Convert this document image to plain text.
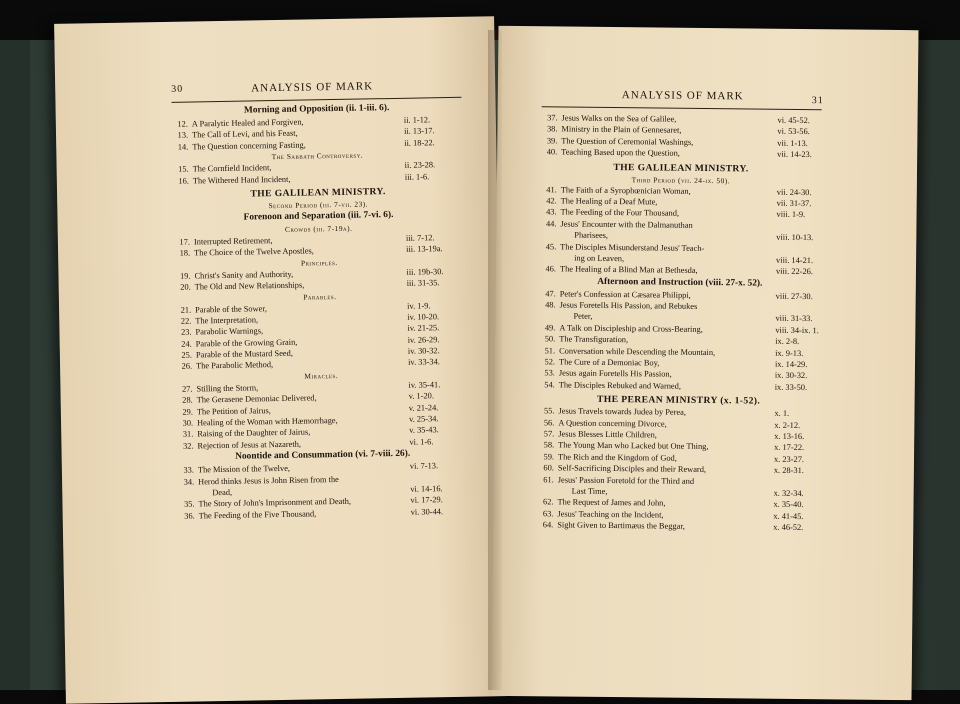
30	ANALYSIS OF MARK
Morning and Opposition (ii. 1-iii. 6).
12. A Paralytic Healed and Forgiven,	ii. 1-12.
13. The Call of Levi, and his Feast,	ii. 13-17.
14. The Question concerning Fasting,	ii. 18-22.
The Sabbath Controversy.
15. The Cornfield Incident,	ii. 23-28.
16. The Withered Hand Incident,	iii. 1-6.
THE GALILEAN MINISTRY.
Second Period (iii. 7-vii. 23).
Forenoon and Separation (iii. 7-vi. 6).
Crowds (iii. 7-19a).
17. Interrupted Retirement,	iii. 7-12.
18. The Choice of the Twelve Apostles,	iii. 13-19a.
Principles.
19. Christ's Sanity and Authority,	iii. 19b-30.
20. The Old and New Relationships,	iii. 31-35.
Parables.
21. Parable of the Sower,	iv. 1-9.
22. The Interpretation,	iv. 10-20.
23. Parabolic Warnings,	iv. 21-25.
24. Parable of the Growing Grain,	iv. 26-29.
25. Parable of the Mustard Seed,	iv. 30-32.
26. The Parabolic Method,	iv. 33-34.
Miracles.
27. Stilling the Storm,	iv. 35-41.
28. The Gerasene Demoniac Delivered,	v. 1-20.
29. The Petition of Jairus,	v. 21-24.
30. Healing of the Woman with Hæmorrhage,	v. 25-34.
31. Raising of the Daughter of Jairus,	v. 35-43.
32. Rejection of Jesus at Nazareth,	vi. 1-6.
Noontide and Consummation (vi. 7-viii. 26).
33. The Mission of the Twelve,	vi. 7-13.
34. Herod thinks Jesus is John Risen from the
Dead,	vi. 14-16.
35. The Story of John's Imprisonment and Death,	vi. 17-29.
36. The Feeding of the Five Thousand,	vi. 30-44.
ANALYSIS OF MARK	31
37. Jesus Walks on the Sea of Galilee,	vi. 45-52.
38. Ministry in the Plain of Gennesaret,	vi. 53-56.
39. The Question of Ceremonial Washings,	vii. 1-13.
40. Teaching Based upon the Question,	vii. 14-23.
THE GALILEAN MINISTRY.
Third Period (vii. 24-ix. 50).
41. The Faith of a Syrophœnician Woman,	vii. 24-30.
42. The Healing of a Deaf Mute,	vii. 31-37.
43. The Feeding of the Four Thousand,	viii. 1-9.
44. Jesus' Encounter with the Dalmanuthan
Pharisees,	viii. 10-13.
45. The Disciples Misunderstand Jesus' Teach-
ing on Leaven,	viii. 14-21.
46. The Healing of a Blind Man at Bethesda,	viii. 22-26.
Afternoon and Instruction (viii. 27-x. 52).
47. Peter's Confession at Cæsarea Philippi,	viii. 27-30.
48. Jesus Foretells His Passion, and Rebukes
Peter,	viii. 31-33.
49. A Talk on Discipleship and Cross-Bearing,	viii. 34-ix. 1.
50. The Transfiguration,	ix. 2-8.
51. Conversation while Descending the Mountain,	ix. 9-13.
52. The Cure of a Demoniac Boy,	ix. 14-29.
53. Jesus again Foretells His Passion,	ix. 30-32.
54. The Disciples Rebuked and Warned,	ix. 33-50.
THE PEREAN MINISTRY (x. 1-52).
55. Jesus Travels towards Judea by Perea,	x. 1.
56. A Question concerning Divorce,	x. 2-12.
57. Jesus Blesses Little Children,	x. 13-16.
58. The Young Man who Lacked but One Thing,	x. 17-22.
59. The Rich and the Kingdom of God,	x. 23-27.
60. Self-Sacrificing Disciples and their Reward,	x. 28-31.
61. Jesus' Passion Foretold for the Third and
Last Time,	x. 32-34.
62. The Request of James and John,	x. 35-40.
63. Jesus' Teaching on the Incident,	x. 41-45.
64. Sight Given to Bartimæus the Beggar,	x. 46-52.
